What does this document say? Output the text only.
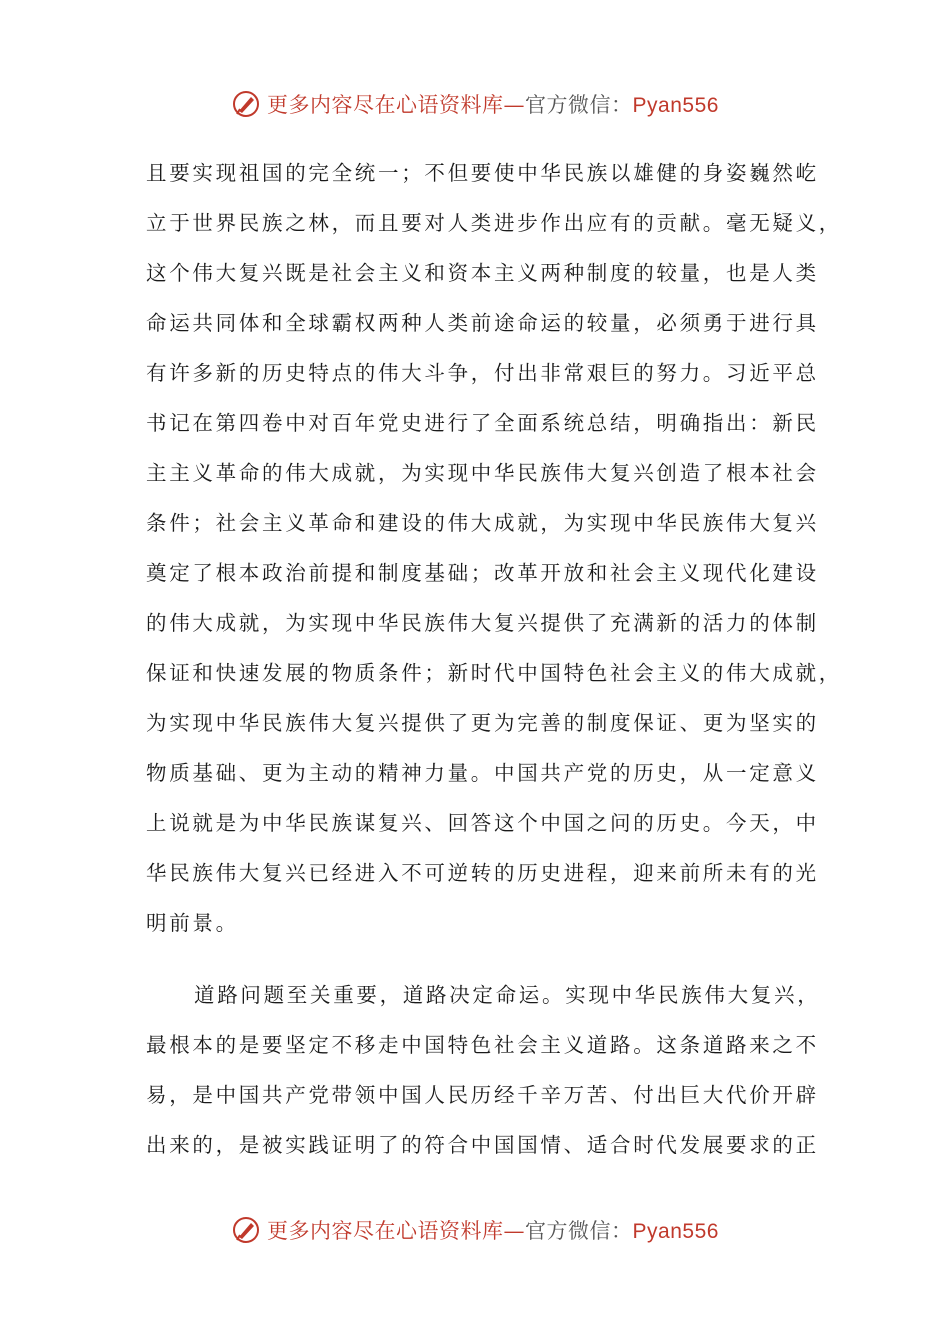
更多内容尽在心语资料库—官方微信：Pyan556
且要实现祖国的完全统一；不但要使中华民族以雄健的身姿巍然屹
立于世界民族之林，而且要对人类进步作出应有的贡献。毫无疑义，
这个伟大复兴既是社会主义和资本主义两种制度的较量，也是人类
命运共同体和全球霸权两种人类前途命运的较量，必须勇于进行具
有许多新的历史特点的伟大斗争，付出非常艰巨的努力。习近平总
书记在第四卷中对百年党史进行了全面系统总结，明确指出：新民
主主义革命的伟大成就，为实现中华民族伟大复兴创造了根本社会
条件；社会主义革命和建设的伟大成就，为实现中华民族伟大复兴
奠定了根本政治前提和制度基础；改革开放和社会主义现代化建设
的伟大成就，为实现中华民族伟大复兴提供了充满新的活力的体制
保证和快速发展的物质条件；新时代中国特色社会主义的伟大成就，
为实现中华民族伟大复兴提供了更为完善的制度保证、更为坚实的
物质基础、更为主动的精神力量。中国共产党的历史，从一定意义
上说就是为中华民族谋复兴、回答这个中国之问的历史。今天，中
华民族伟大复兴已经进入不可逆转的历史进程，迎来前所未有的光
明前景。
道路问题至关重要，道路决定命运。实现中华民族伟大复兴，
最根本的是要坚定不移走中国特色社会主义道路。这条道路来之不
易，是中国共产党带领中国人民历经千辛万苦、付出巨大代价开辟
出来的，是被实践证明了的符合中国国情、适合时代发展要求的正
更多内容尽在心语资料库—官方微信：Pyan556
